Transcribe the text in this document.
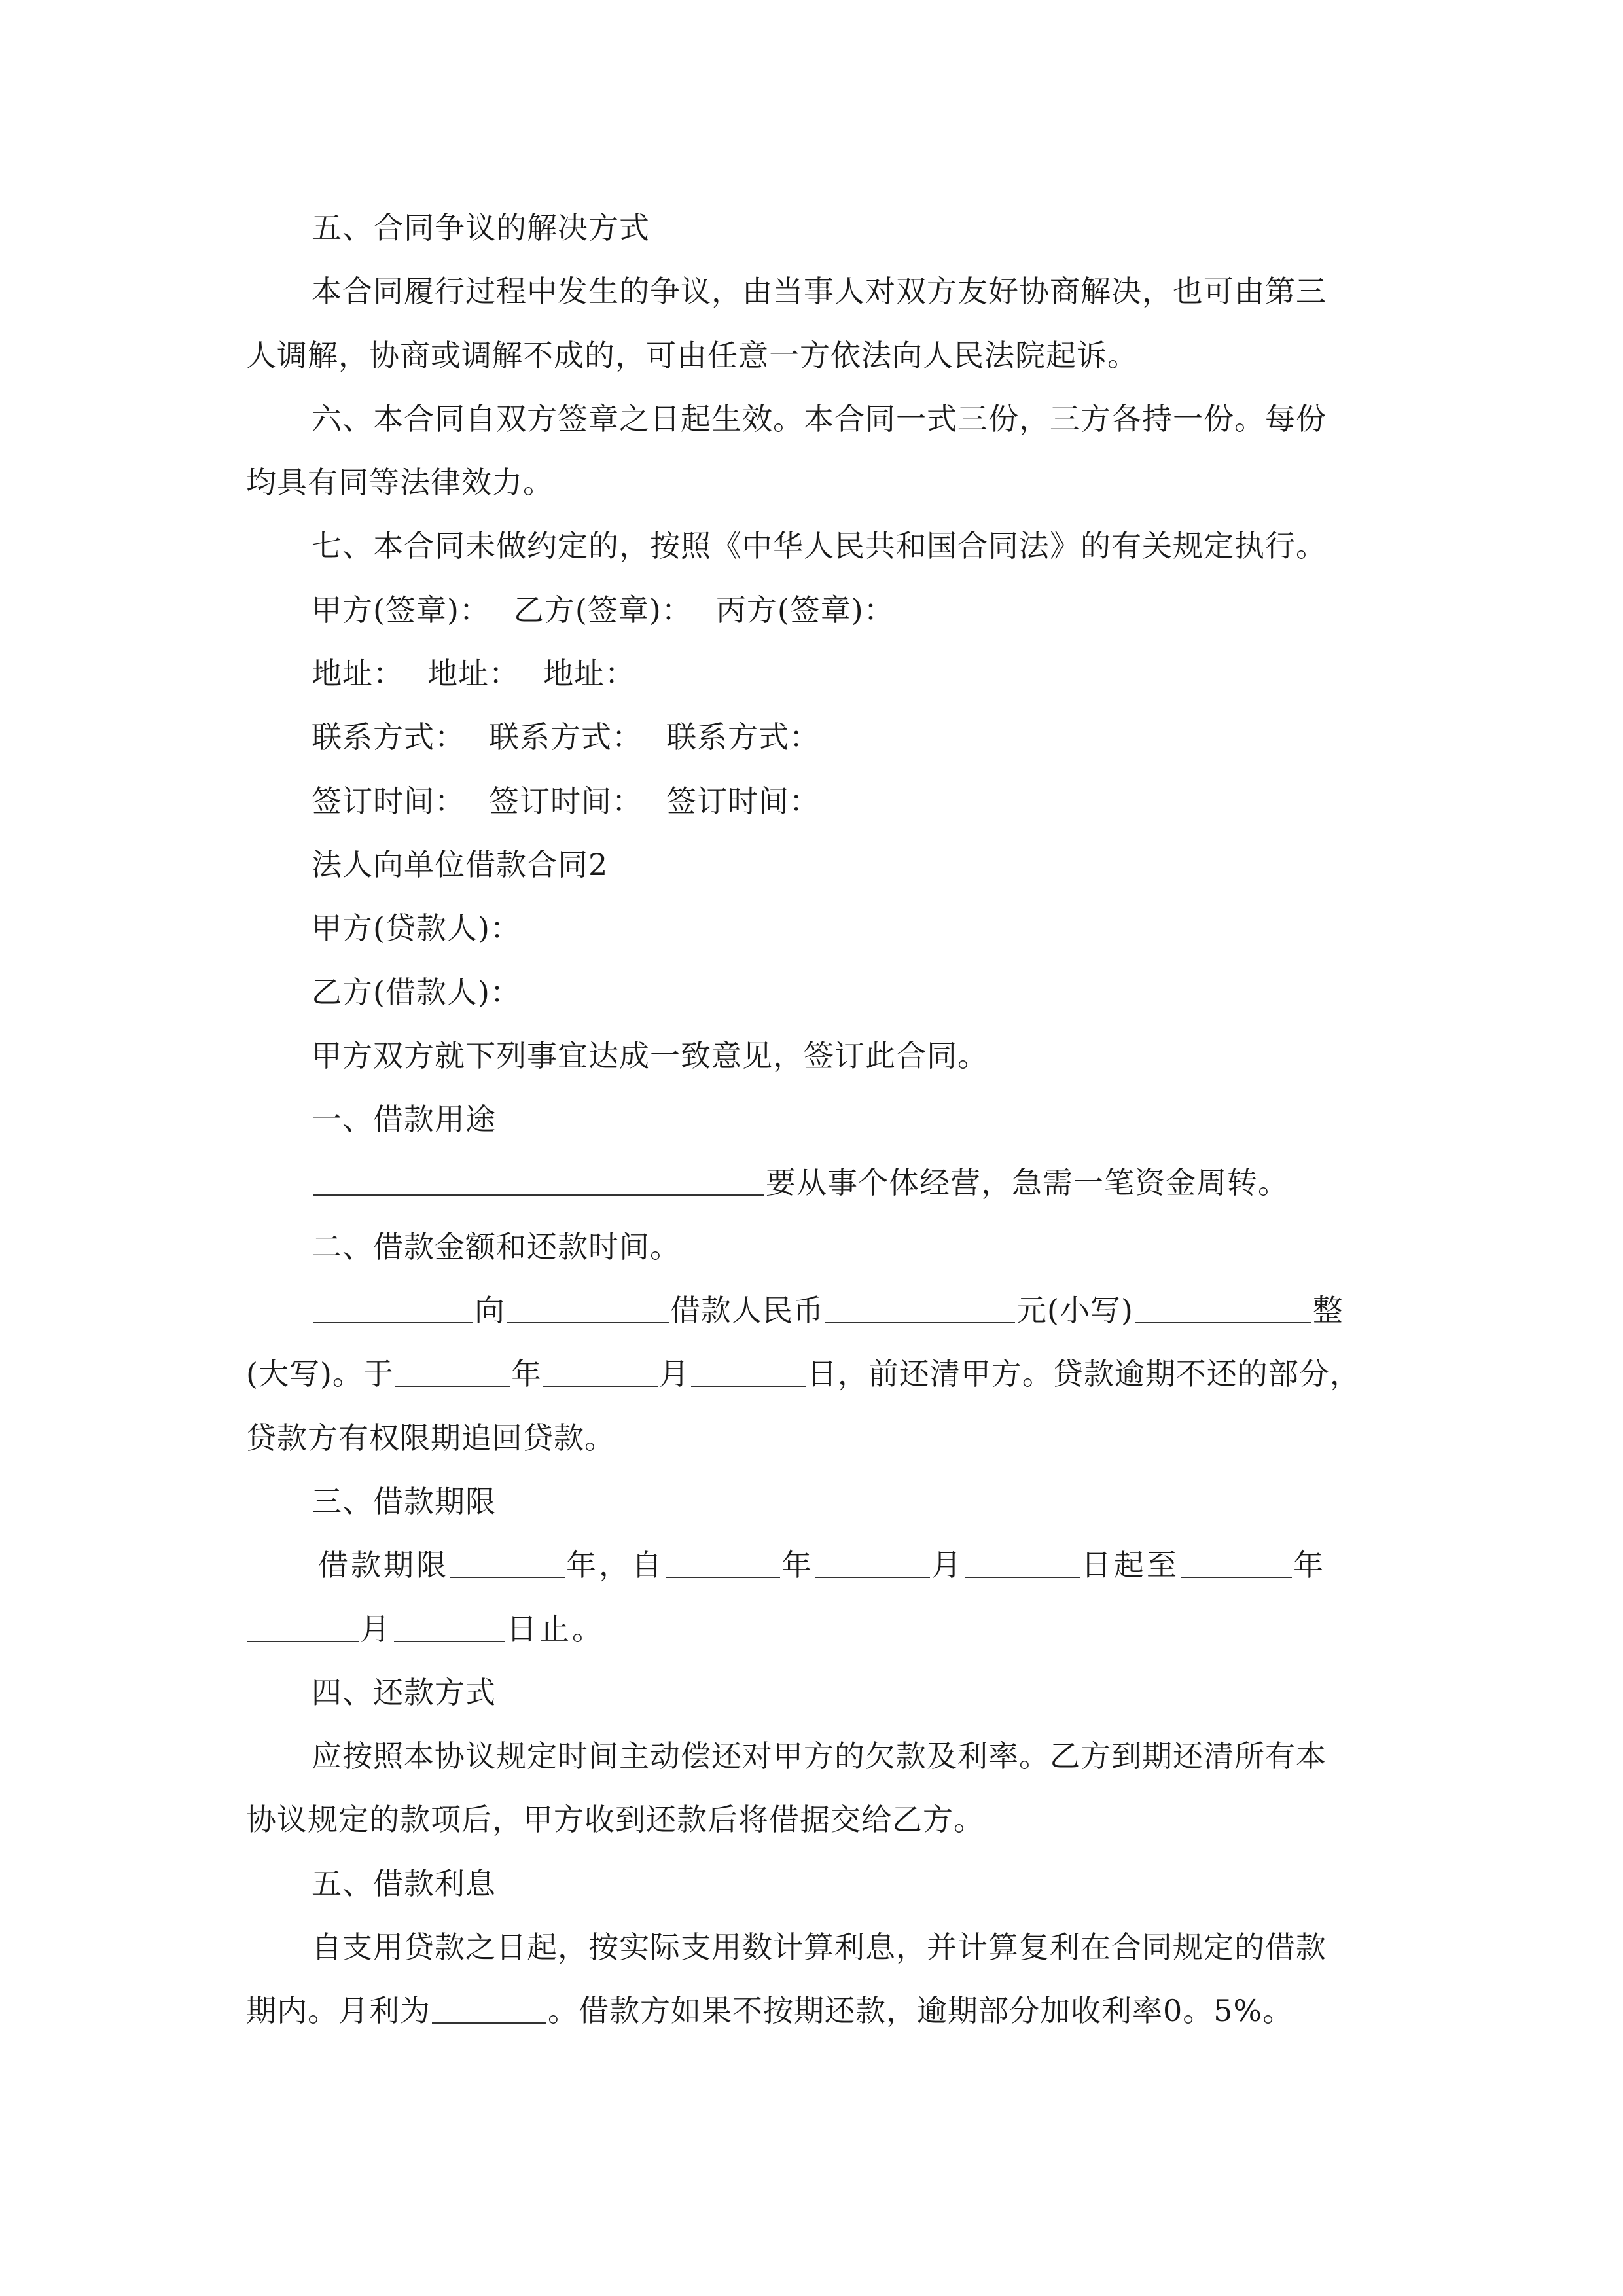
五、合同争议的解决方式
本合同履行过程中发生的争议，由当事人对双方友好协商解决，也可由第三
人调解，协商或调解不成的，可由任意一方依法向人民法院起诉。
六、本合同自双方签章之日起生效。本合同一式三份，三方各持一份。每份
均具有同等法律效力。
七、本合同未做约定的，按照《中华人民共和国合同法》的有关规定执行。
甲方(签章)： 乙方(签章)： 丙方(签章)：
地址： 地址： 地址：
联系方式： 联系方式： 联系方式：
签订时间： 签订时间： 签订时间：
法人向单位借款合同2
甲方(贷款人)：
乙方(借款人)：
甲方双方就下列事宜达成一致意见，签订此合同。
一、借款用途
要从事个体经营，急需一笔资金周转。
二、借款金额和还款时间。
向	借款人民币	元(小写)	整
(大写)。于	年	月	日，前还清甲方。贷款逾期不还的部分，
贷款方有权限期追回贷款。
三、借款期限
借款期限	年，自	年	月	日起至	年
月	日止。
四、还款方式
应按照本协议规定时间主动偿还对甲方的欠款及利率。乙方到期还清所有本
协议规定的款项后，甲方收到还款后将借据交给乙方。
五、借款利息
自支用贷款之日起，按实际支用数计算利息，并计算复利在合同规定的借款
期内。月利为	。借款方如果不按期还款，逾期部分加收利率0。5%。
